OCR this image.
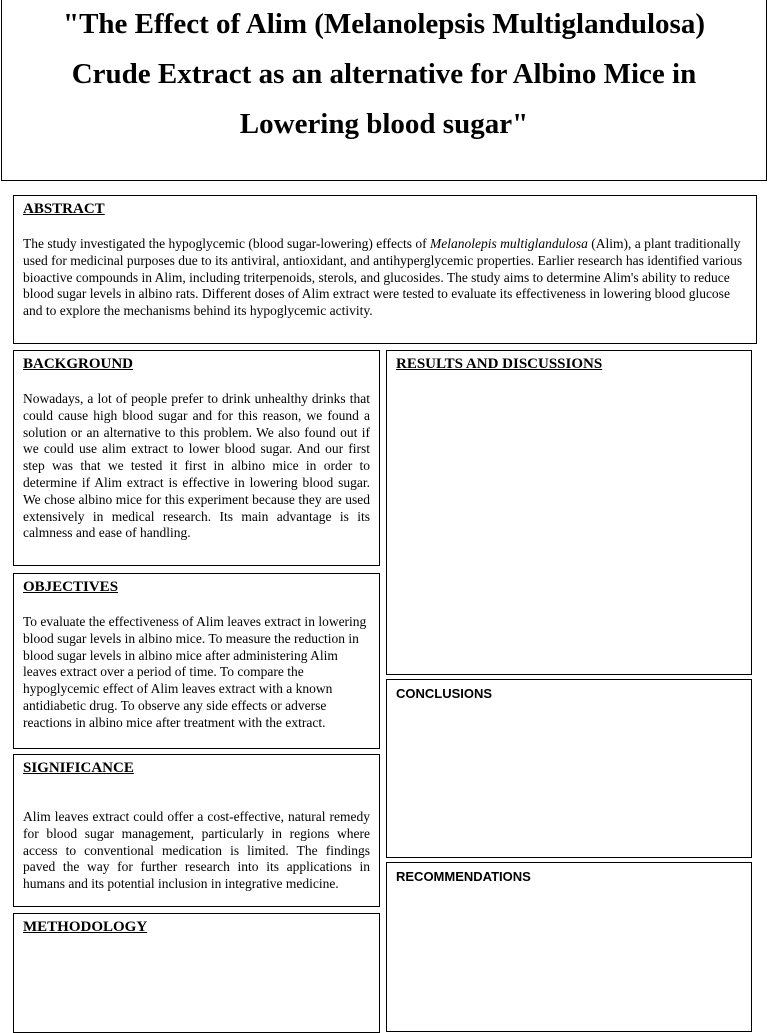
"The Effect of Alim (Melanolepsis Multiglandulosa)
Crude Extract as an alternative for Albino Mice in
Lowering blood sugar"
ABSTRACT

The study investigated the hypoglycemic (blood sugar-lowering) effects of Melanolepis multiglandulosa (Alim), a plant traditionally used for medicinal purposes due to its antiviral, antioxidant, and antihyperglycemic properties. Earlier research has identified various bioactive compounds in Alim, including triterpenoids, sterols, and glucosides. The study aims to determine Alim's ability to reduce blood sugar levels in albino rats. Different doses of Alim extract were tested to evaluate its effectiveness in lowering blood glucose and to explore the mechanisms behind its hypoglycemic activity.

BACKGROUND

Nowadays, a lot of people prefer to drink unhealthy drinks that could cause high blood sugar and for this reason, we found a solution or an alternative to this problem. We also found out if we could use alim extract to lower blood sugar. And our first step was that we tested it first in albino mice in order to determine if Alim extract is effective in lowering blood sugar. We chose albino mice for this experiment because they are used extensively in medical research. Its main advantage is its calmness and ease of handling.

OBJECTIVES

To evaluate the effectiveness of Alim leaves extract in lowering blood sugar levels in albino mice. To measure the reduction in blood sugar levels in albino mice after administering Alim leaves extract over a period of time. To compare the hypoglycemic effect of Alim leaves extract with a known antidiabetic drug. To observe any side effects or adverse reactions in albino mice after treatment with the extract.

SIGNIFICANCE

Alim leaves extract could offer a cost-effective, natural remedy for blood sugar management, particularly in regions where access to conventional medication is limited. The findings paved the way for further research into its applications in humans and its potential inclusion in integrative medicine.

METHODOLOGY
RESULTS AND DISCUSSIONS
CONCLUSIONS
RECOMMENDATIONS
